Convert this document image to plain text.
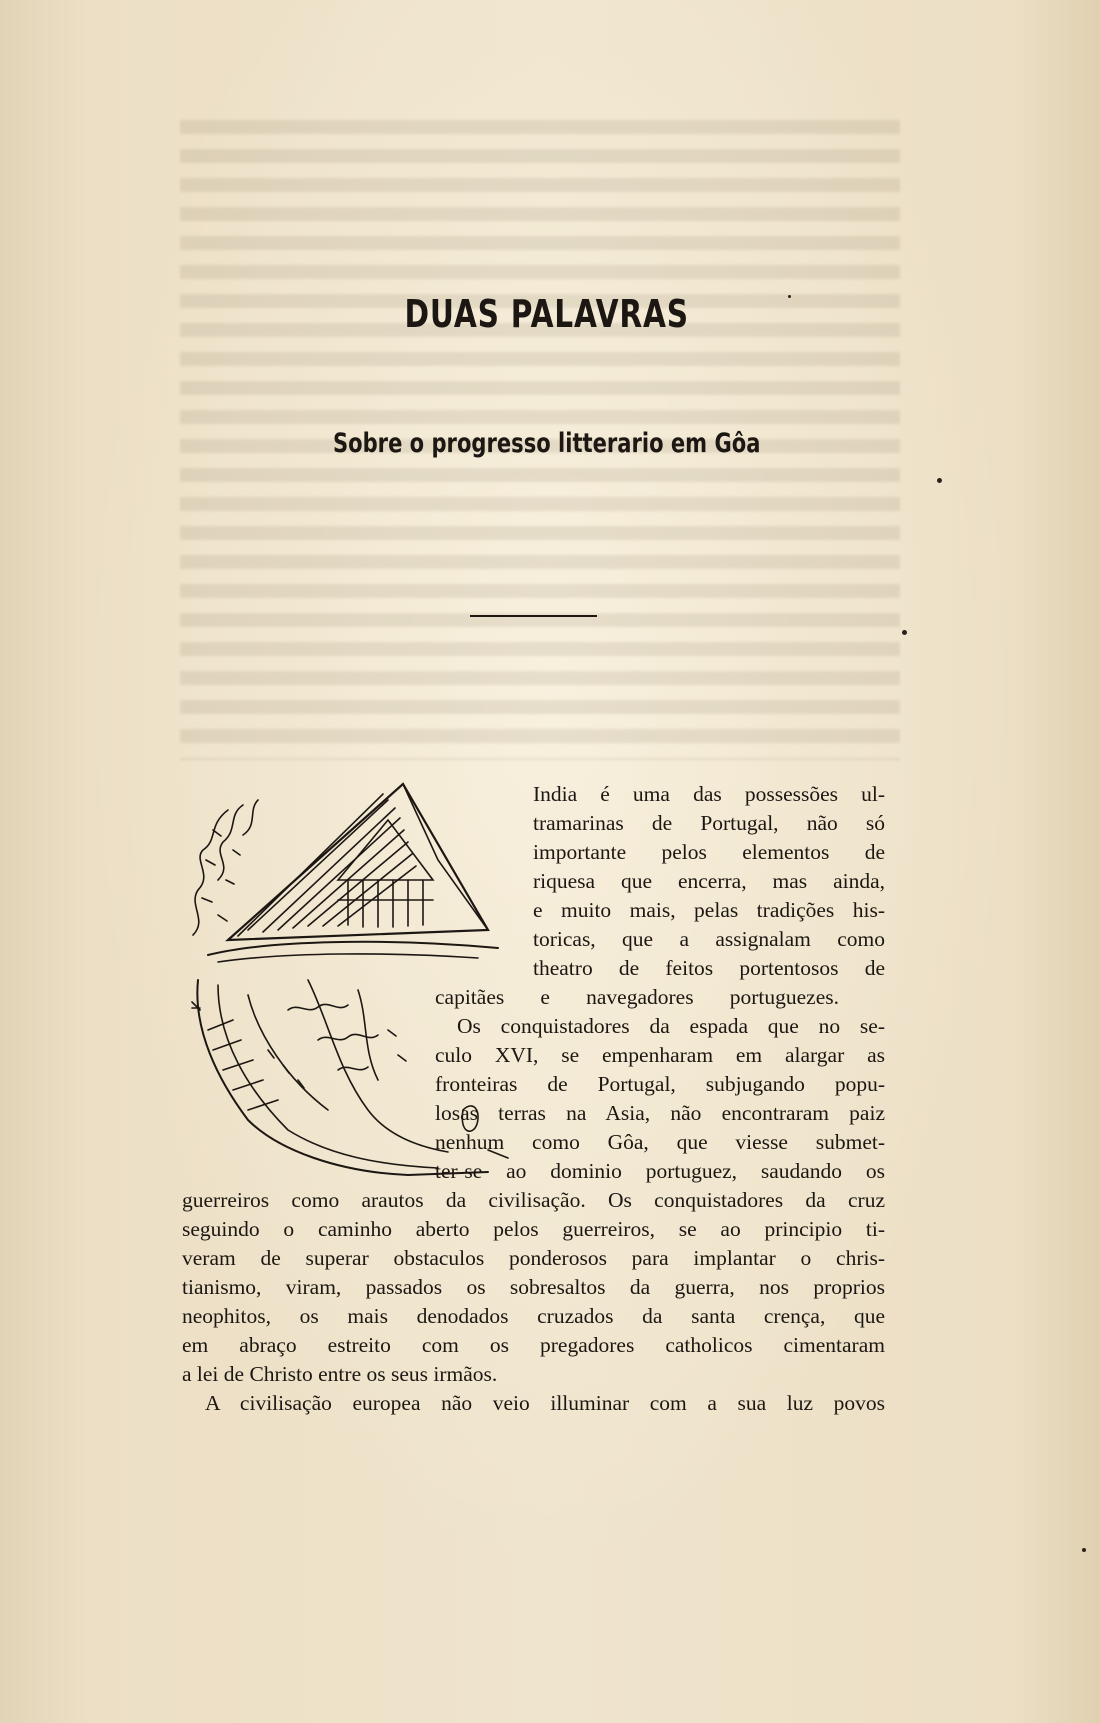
DUAS PALAVRAS
Sobre o progresso litterario em Gôa

India é uma das possessões ul-

tramarinas de Portugal, não só

importante pelos elementos de

riquesa que encerra, mas ainda,

e muito mais, pelas tradições his-

toricas, que a assignalam como

theatro de feitos portentosos de

capitães e navegadores portuguezes.

Os conquistadores da espada que no se-

culo XVI, se empenharam em alargar as

fronteiras de Portugal, subjugando popu-

losas terras na Asia, não encontraram paiz

nenhum como Gôa, que viesse submet-

ter-se ao dominio portuguez, saudando os

guerreiros como arautos da civilisação. Os conquistadores da cruz

seguindo o caminho aberto pelos guerreiros, se ao principio ti-

veram de superar obstaculos ponderosos para implantar o chris-

tianismo, viram, passados os sobresaltos da guerra, nos proprios

neophitos, os mais denodados cruzados da santa crença, que

em abraço estreito com os pregadores catholicos cimentaram

a lei de Christo entre os seus irmãos.

A civilisação europea não veio illuminar com a sua luz povos
